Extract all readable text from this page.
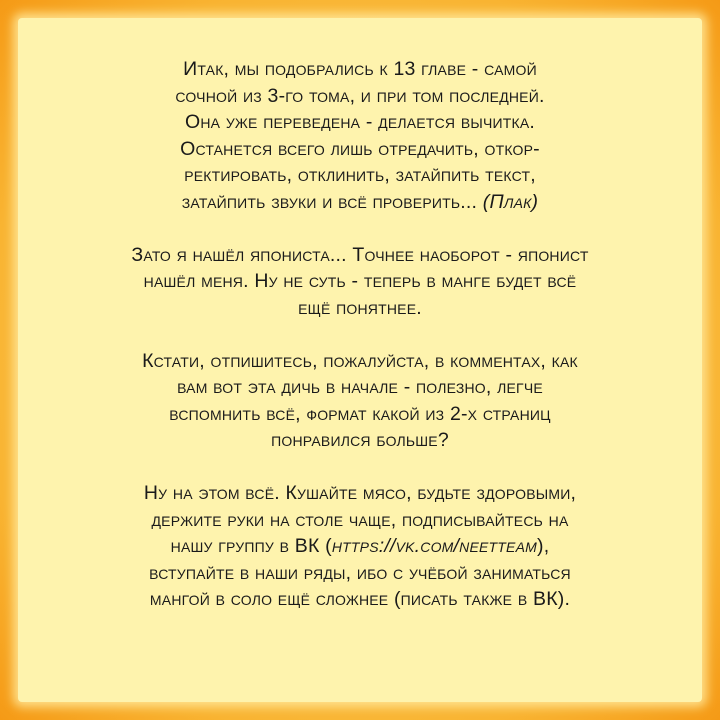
Итак, мы подобрались к 13 главе - самой
сочной из 3-го тома, и при том последней.
Она уже переведена - делается вычитка.
Останется всего лишь отредачить, откор-
ректировать, отклинить, затайпить текст,
затайпить звуки и всё проверить... (Плак)
Зато я нашёл япониста... Точнее наоборот - японист
нашёл меня. Ну не суть - теперь в манге будет всё
ещё понятнее.
Кстати, отпишитесь, пожалуйста, в комментах, как
вам вот эта дичь в начале - полезно, легче
вспомнить всё, формат какой из 2-х страниц
понравился больше?
Ну на этом всё. Кушайте мясо, будьте здоровыми,
держите руки на столе чаще, подписывайтесь на
нашу группу в ВК (https://vk.com/neetteam),
вступайте в наши ряды, ибо с учёбой заниматься
мангой в соло ещё сложнее (писать также в ВК).
